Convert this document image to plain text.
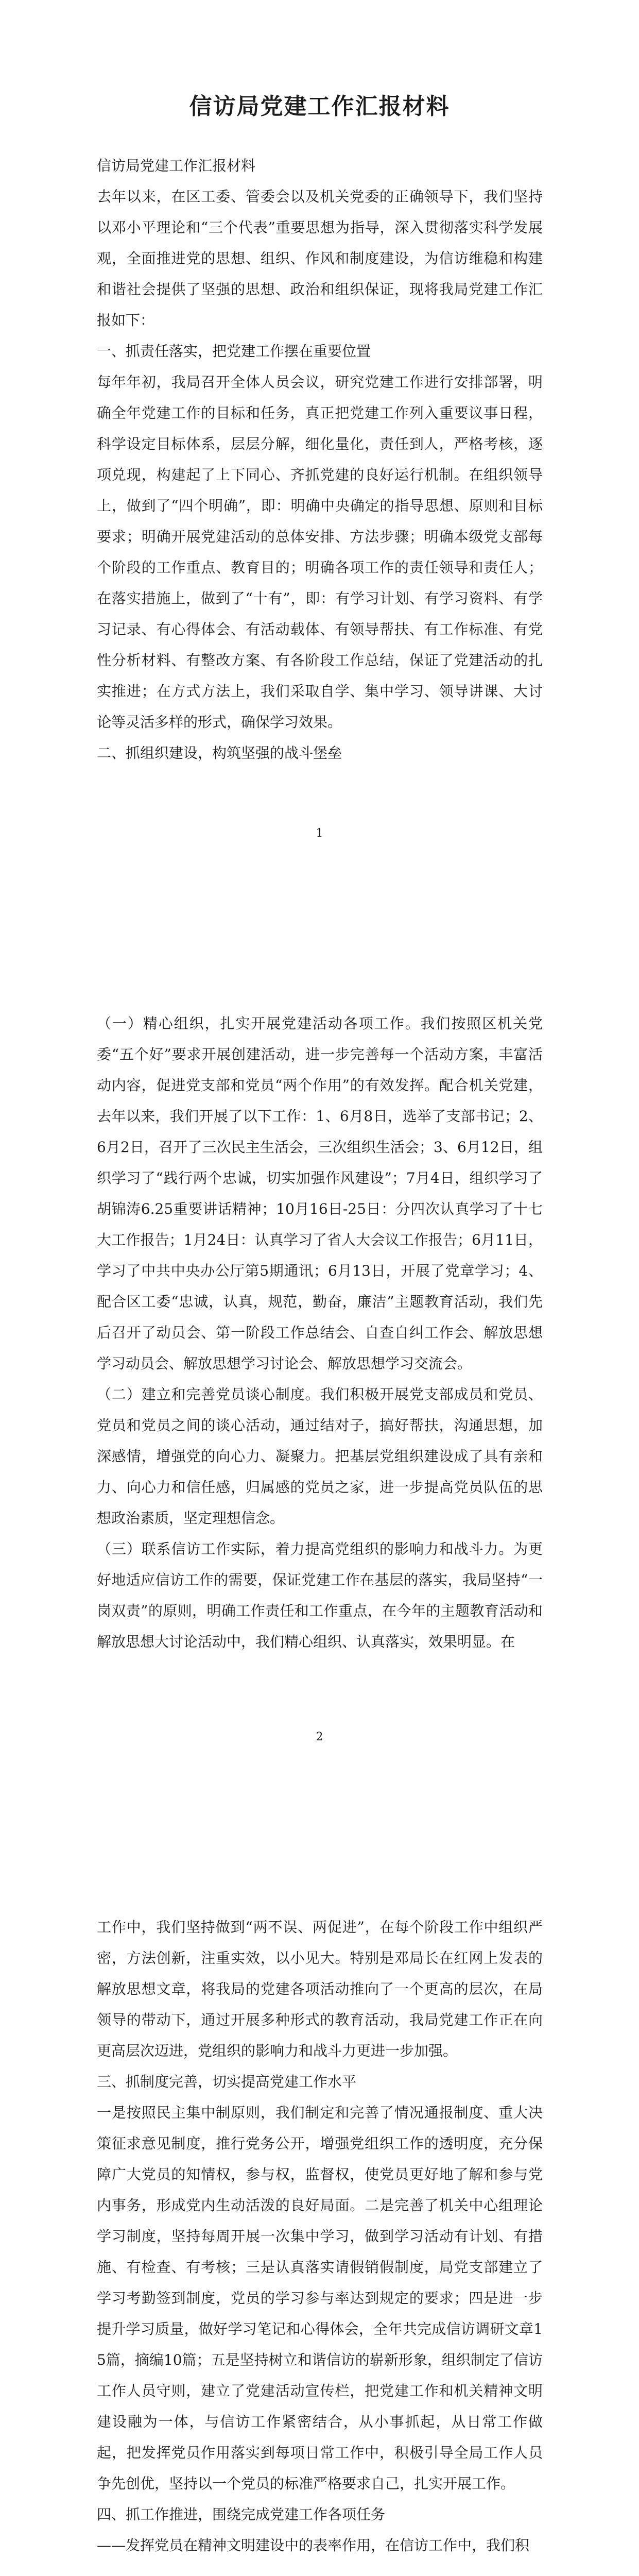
信访局党建工作汇报材料

信访局党建工作汇报材料

去年以来，在区工委、管委会以及机关党委的正确领导下，我们坚持以邓小平理论和“三个代表”重要思想为指导，深入贯彻落实科学发展观，全面推进党的思想、组织、作风和制度建设，为信访维稳和构建和谐社会提供了坚强的思想、政治和组织保证，现将我局党建工作汇报如下：

一、抓责任落实，把党建工作摆在重要位置

每年年初，我局召开全体人员会议，研究党建工作进行安排部署，明确全年党建工作的目标和任务，真正把党建工作列入重要议事日程，科学设定目标体系，层层分解，细化量化，责任到人，严格考核，逐项兑现，构建起了上下同心、齐抓党建的良好运行机制。在组织领导上，做到了“四个明确”，即：明确中央确定的指导思想、原则和目标要求；明确开展党建活动的总体安排、方法步骤；明确本级党支部每个阶段的工作重点、教育目的；明确各项工作的责任领导和责任人；在落实措施上，做到了“十有”，即：有学习计划、有学习资料、有学习记录、有心得体会、有活动载体、有领导帮扶、有工作标准、有党性分析材料、有整改方案、有各阶段工作总结，保证了党建活动的扎实推进；在方式方法上，我们采取自学、集中学习、领导讲课、大讨论等灵活多样的形式，确保学习效果。

二、抓组织建设，构筑坚强的战斗堡垒

1

（一）精心组织，扎实开展党建活动各项工作。我们按照区机关党委“五个好”要求开展创建活动，进一步完善每一个活动方案，丰富活动内容，促进党支部和党员“两个作用”的有效发挥。配合机关党建，去年以来，我们开展了以下工作：1、6月8日，选举了支部书记；2、6月2日，召开了三次民主生活会，三次组织生活会；3、6月12日，组织学习了“践行两个忠诚，切实加强作风建设”；7月4日，组织学习了胡锦涛6.25重要讲话精神；10月16日-25日：分四次认真学习了十七大工作报告；1月24日：认真学习了省人大会议工作报告；6月11日，学习了中共中央办公厅第5期通讯；6月13日，开展了党章学习；4、配合区工委“忠诚，认真，规范，勤奋，廉洁”主题教育活动，我们先后召开了动员会、第一阶段工作总结会、自查自纠工作会、解放思想学习动员会、解放思想学习讨论会、解放思想学习交流会。

（二）建立和完善党员谈心制度。我们积极开展党支部成员和党员、党员和党员之间的谈心活动，通过结对子，搞好帮扶，沟通思想，加深感情，增强党的向心力、凝聚力。把基层党组织建设成了具有亲和力、向心力和信任感，归属感的党员之家，进一步提高党员队伍的思想政治素质，坚定理想信念。

（三）联系信访工作实际，着力提高党组织的影响力和战斗力。为更好地适应信访工作的需要，保证党建工作在基层的落实，我局坚持“一岗双责”的原则，明确工作责任和工作重点，在今年的主题教育活动和解放思想大讨论活动中，我们精心组织、认真落实，效果明显。在

2

工作中，我们坚持做到“两不误、两促进”，在每个阶段工作中组织严密，方法创新，注重实效，以小见大。特别是邓局长在红网上发表的解放思想文章，将我局的党建各项活动推向了一个更高的层次，在局领导的带动下，通过开展多种形式的教育活动，我局党建工作正在向更高层次迈进，党组织的影响力和战斗力更进一步加强。

三、抓制度完善，切实提高党建工作水平

一是按照民主集中制原则，我们制定和完善了情况通报制度、重大决策征求意见制度，推行党务公开，增强党组织工作的透明度，充分保障广大党员的知情权，参与权，监督权，使党员更好地了解和参与党内事务，形成党内生动活泼的良好局面。二是完善了机关中心组理论学习制度，坚持每周开展一次集中学习，做到学习活动有计划、有措施、有检查、有考核；三是认真落实请假销假制度，局党支部建立了学习考勤签到制度，党员的学习参与率达到规定的要求；四是进一步提升学习质量，做好学习笔记和心得体会，全年共完成信访调研文章15篇，摘编10篇；五是坚持树立和谐信访的崭新形象，组织制定了信访工作人员守则，建立了党建活动宣传栏，把党建工作和机关精神文明建设融为一体，与信访工作紧密结合，从小事抓起，从日常工作做起，把发挥党员作用落实到每项日常工作中，积极引导全局工作人员争先创优，坚持以一个党员的标准严格要求自己，扎实开展工作。

四、抓工作推进，围绕完成党建工作各项任务

——发挥党员在精神文明建设中的表率作用，在信访工作中，我们积
